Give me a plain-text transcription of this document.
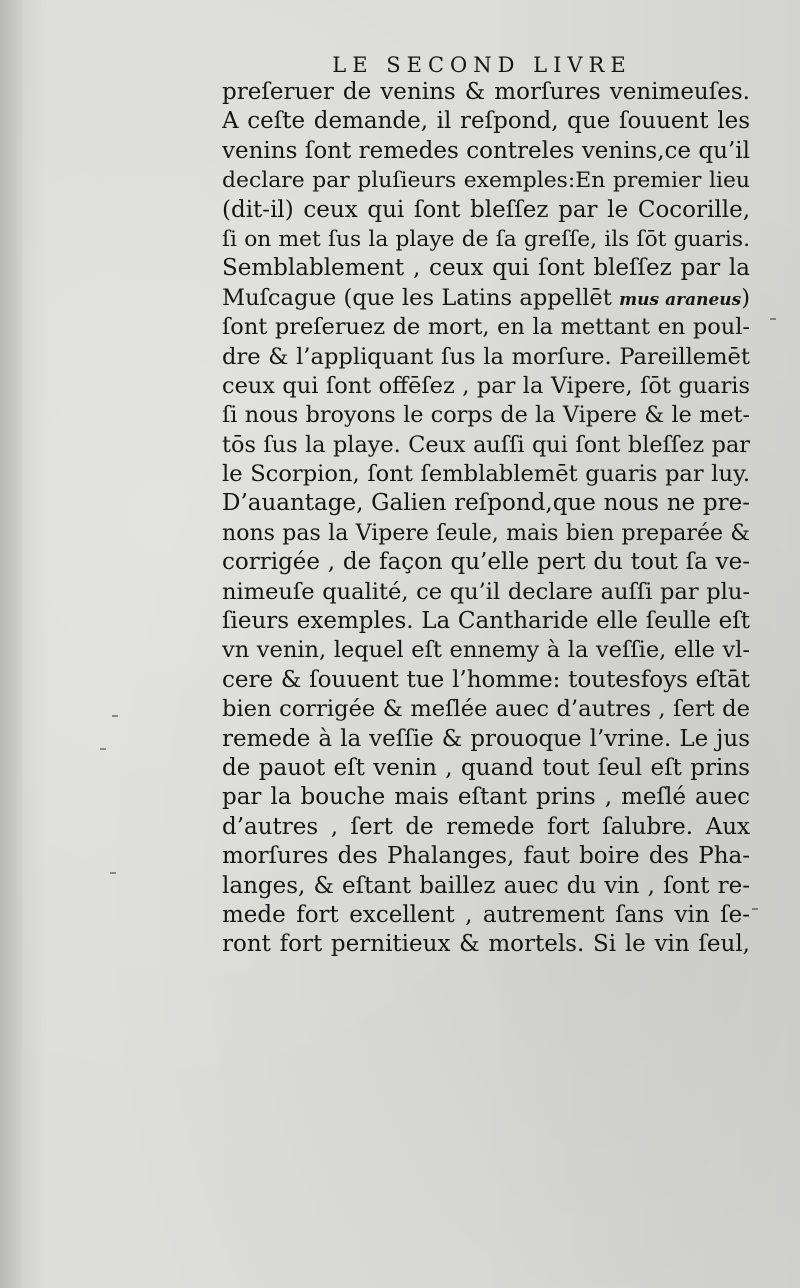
LE SECOND LIVRE
preſeruer de venins & morſures venimeuſes.
A ceſte demande, il reſpond, que ſouuent les
venins ſont remedes contreles venins,ce qu’il
declare par pluſieurs exemples:En premier lieu
(dit-il) ceux qui ſont bleſſez par le Cocorille,
ſi on met ſus la playe de ſa greſſe, ils ſōt guaris.
Semblablement , ceux qui ſont bleſſez par la
Muſcague (que les Latins appellēt mus araneus)
ſont preſeruez de mort, en la mettant en poul-
dre & l’appliquant ſus la morſure. Pareillemēt
ceux qui ſont offēſez , par la Vipere, ſōt guaris
ſi nous broyons le corps de la Vipere & le met-
tōs ſus la playe. Ceux auſſi qui ſont bleſſez par
le Scorpion, ſont ſemblablemēt guaris par luy.
D’auantage, Galien reſpond,que nous ne pre-
nons pas la Vipere ſeule, mais bien preparée &
corrigée , de façon qu’elle pert du tout ſa ve-
nimeuſe qualité, ce qu’il declare auſſi par plu-
ſieurs exemples. La Cantharide elle ſeulle eſt
vn venin, lequel eſt ennemy à la veſſie, elle vl-
cere & ſouuent tue l’homme: toutesfoys eſtāt
bien corrigée & meſlée auec d’autres , ſert de
remede à la veſſie & prouoque l’vrine. Le jus
de pauot eſt venin , quand tout ſeul eſt prins
par la bouche mais eſtant prins , meſlé auec
d’autres , ſert de remede fort ſalubre. Aux
morſures des Phalanges, faut boire des Pha-
langes, & eſtant baillez auec du vin , ſont re-
mede fort excellent , autrement ſans vin ſe-
ront fort pernitieux & mortels. Si le vin ſeul,
